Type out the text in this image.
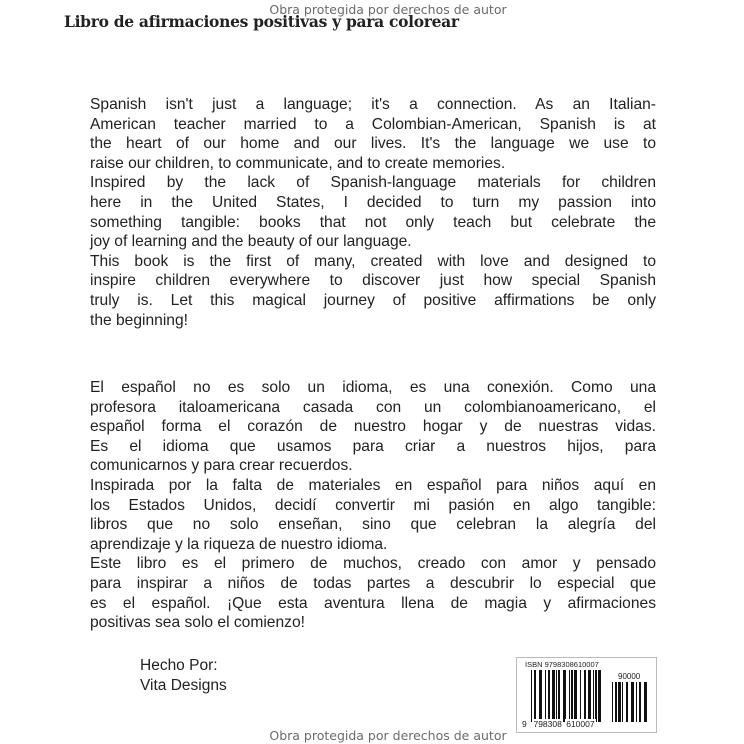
Obra protegida por derechos de autor
Libro de afirmaciones positivas y para colorear
Spanish isn't just a language; it's a connection. As an Italian-
American teacher married to a Colombian-American, Spanish is at
the heart of our home and our lives. It's the language we use to
raise our children, to communicate, and to create memories.
Inspired by the lack of Spanish-language materials for children
here in the United States, I decided to turn my passion into
something tangible: books that not only teach but celebrate the
joy of learning and the beauty of our language.
This book is the first of many, created with love and designed to
inspire children everywhere to discover just how special Spanish
truly is. Let this magical journey of positive affirmations be only
the beginning!
El español no es solo un idioma, es una conexión. Como una
profesora italoamericana casada con un colombianoamericano, el
español forma el corazón de nuestro hogar y de nuestras vidas.
Es el idioma que usamos para criar a nuestros hijos, para
comunicarnos y para crear recuerdos.
Inspirada por la falta de materiales en español para niños aquí en
los Estados Unidos, decidí convertir mi pasión en algo tangible:
libros que no solo enseñan, sino que celebran la alegría del
aprendizaje y la riqueza de nuestro idioma.
Este libro es el primero de muchos, creado con amor y pensado
para inspirar a niños de todas partes a descubrir lo especial que
es el español. ¡Que esta aventura llena de magia y afirmaciones
positivas sea solo el comienzo!
Hecho Por:
Vita Designs
ISBN 9798308610007
90000
9 798308 610007
Obra protegida por derechos de autor
